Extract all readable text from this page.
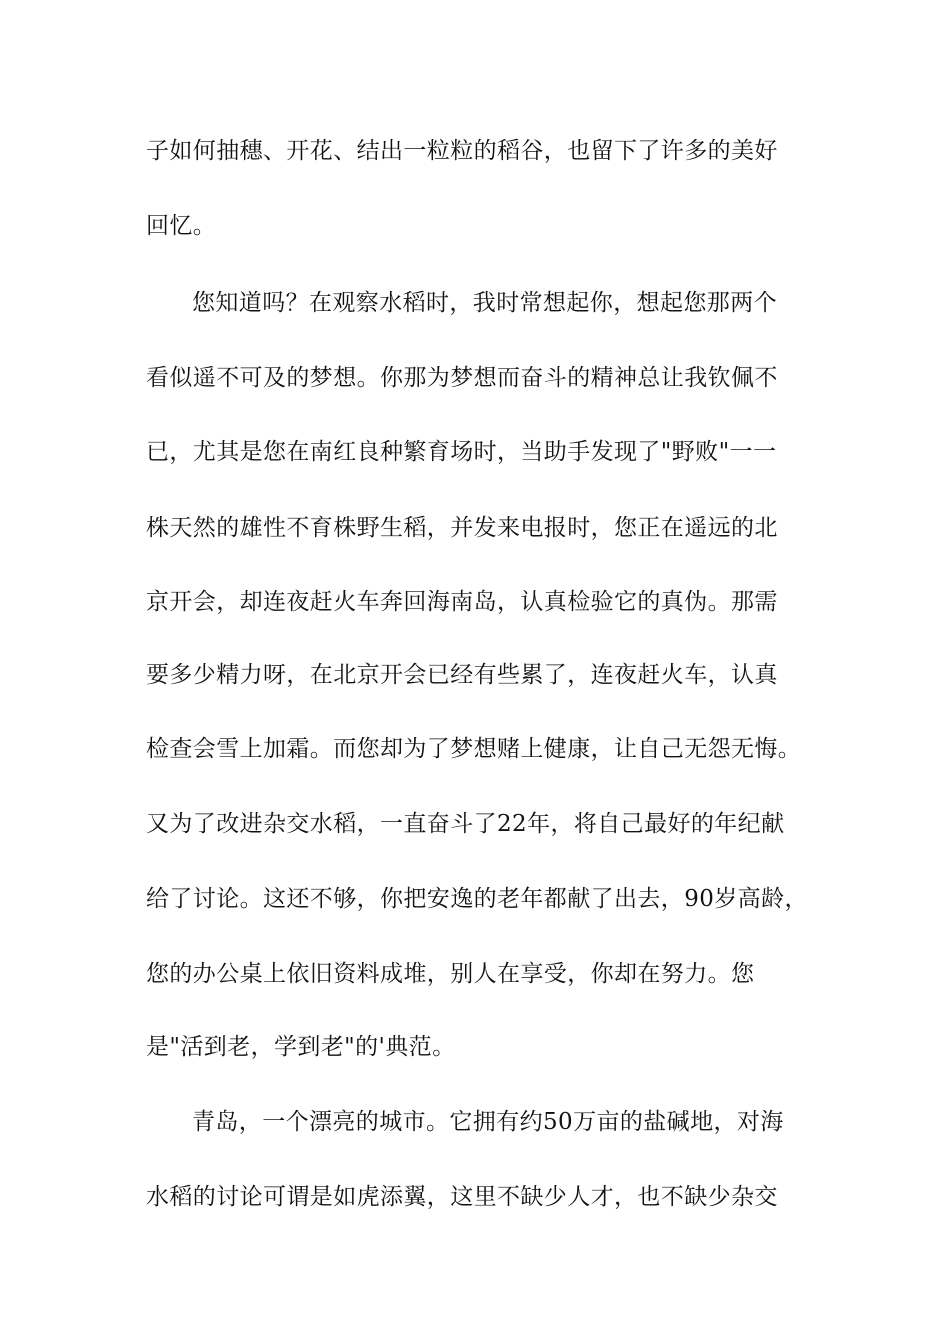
子如何抽穗、开花、结出一粒粒的稻谷，也留下了许多的美好
回忆。
您知道吗？在观察水稻时，我时常想起你，想起您那两个
看似遥不可及的梦想。你那为梦想而奋斗的精神总让我钦佩不
已，尤其是您在南红良种繁育场时，当助手发现了"野败"一一
株天然的雄性不育株野生稻，并发来电报时，您正在遥远的北
京开会，却连夜赶火车奔回海南岛，认真检验它的真伪。那需
要多少精力呀，在北京开会已经有些累了，连夜赶火车，认真
检查会雪上加霜。而您却为了梦想赌上健康，让自己无怨无悔。
又为了改进杂交水稻，一直奋斗了22年，将自己最好的年纪献
给了讨论。这还不够，你把安逸的老年都献了出去，90岁高龄，
您的办公桌上依旧资料成堆，别人在享受，你却在努力。您
是"活到老，学到老"的'典范。
青岛，一个漂亮的城市。它拥有约50万亩的盐碱地，对海
水稻的讨论可谓是如虎添翼，这里不缺少人才，也不缺少杂交
